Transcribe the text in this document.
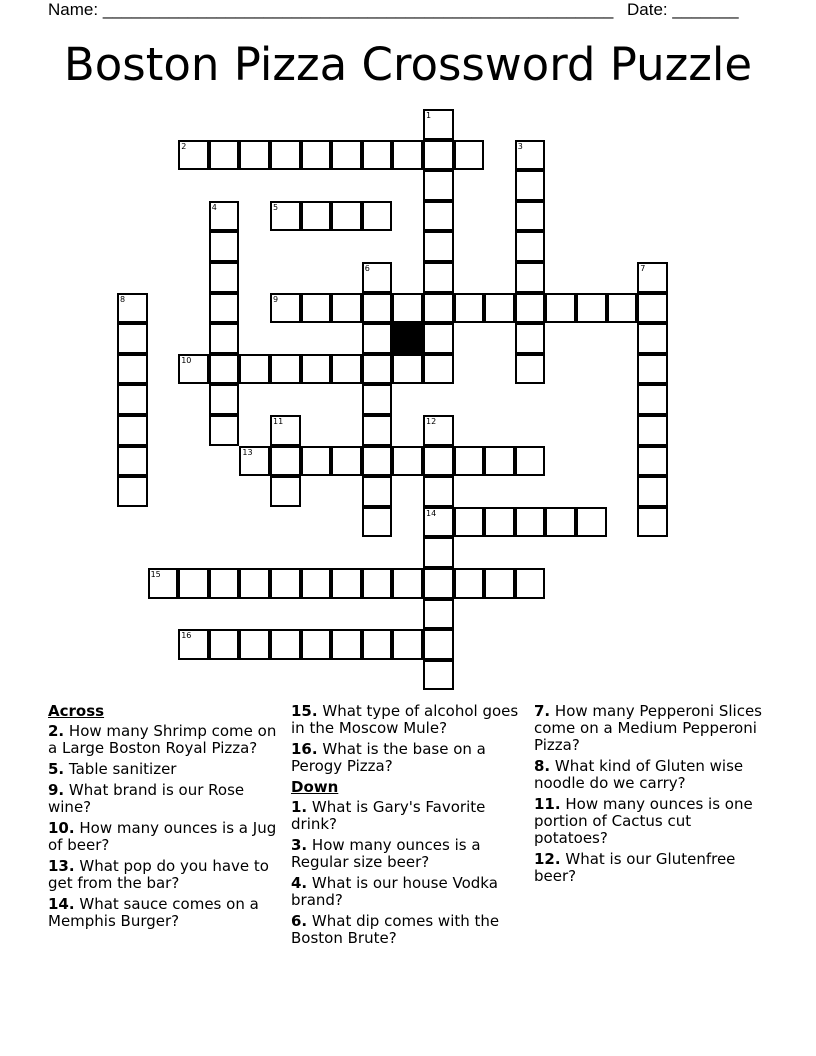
Name: ______________________________________________________ Date: _______
Boston Pizza Crossword Puzzle
1
2	3
4	5
6	7
8	9
10
11	12
14
13
15
16
Across
2. How many Shrimp come on a Large Boston Royal Pizza?
5. Table sanitizer
9. What brand is our Rose wine?
10. How many ounces is a Jug of beer?
13. What pop do you have to get from the bar?
14. What sauce comes on a Memphis Burger?
15. What type of alcohol goes in the Moscow Mule?
16. What is the base on a Perogy Pizza?
Down
1. What is Gary's Favorite drink?
3. How many ounces is a Regular size beer?
4. What is our house Vodka brand?
6. What dip comes with the Boston Brute?
7. How many Pepperoni Slices come on a Medium Pepperoni Pizza?
8. What kind of Gluten wise noodle do we carry?
11. How many ounces is one portion of Cactus cut potatoes?
12. What is our Glutenfree beer?
